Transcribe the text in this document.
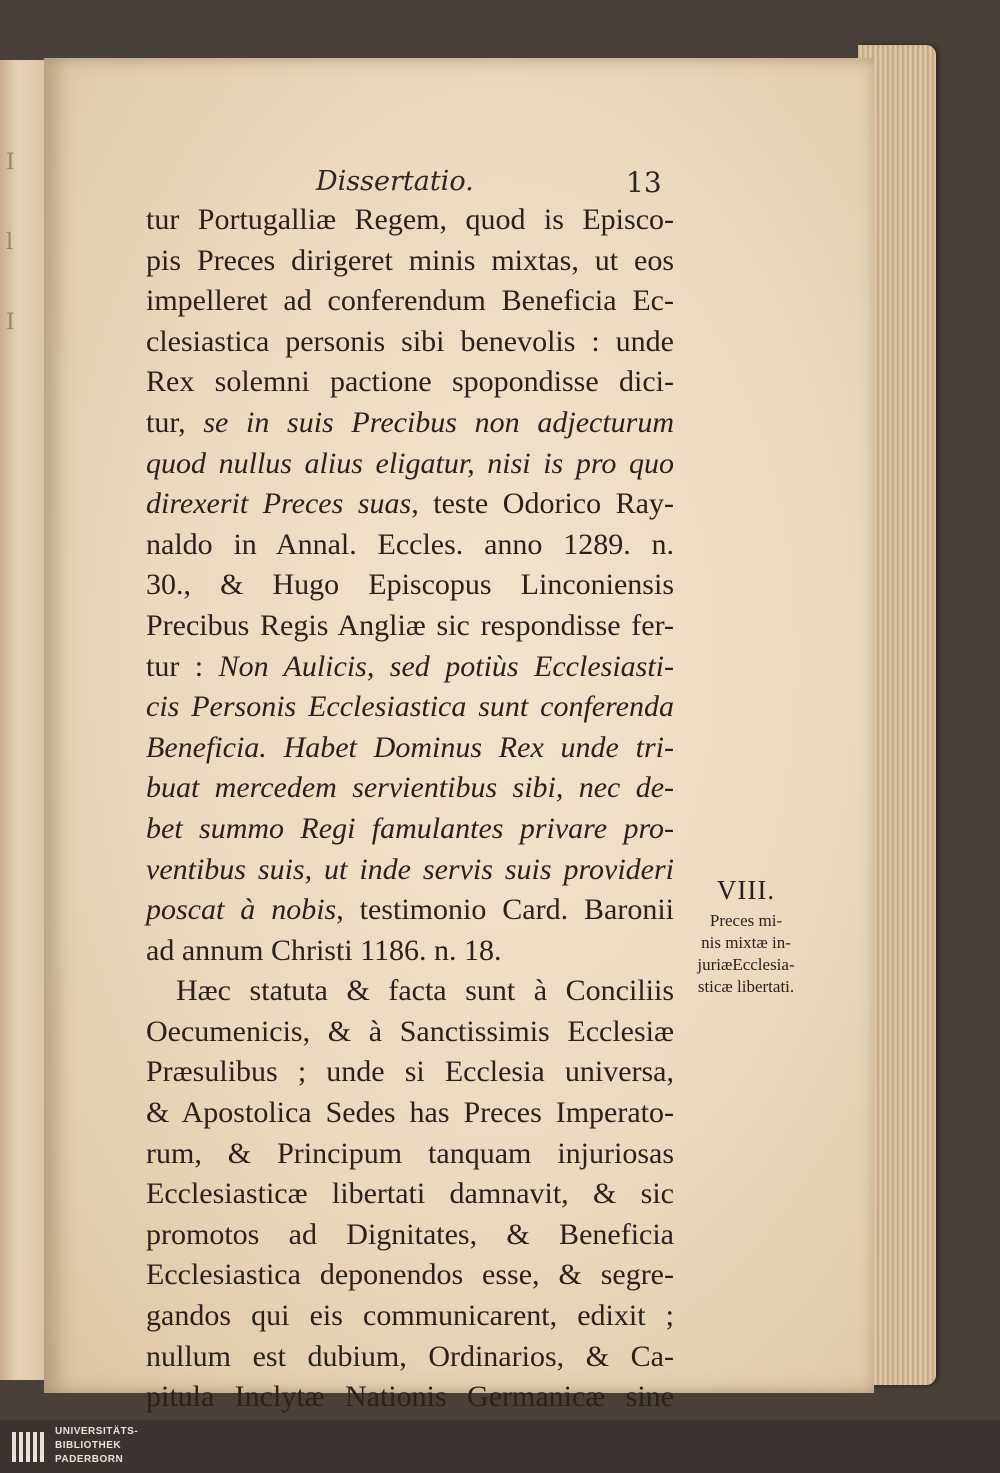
I
l
I
Dissertatio.	13
tur Portugalliæ Regem, quod is Episco-
pis Preces dirigeret minis mixtas, ut eos
impelleret ad conferendum Beneficia Ec-
clesiastica personis sibi benevolis : unde
Rex solemni pactione spopondisse dici-
tur, se in suis Precibus non adjecturum
quod nullus alius eligatur, nisi is pro quo
direxerit Preces suas, teste Odorico Ray-
naldo in Annal. Eccles. anno 1289. n.
30., & Hugo Episcopus Linconiensis
Precibus Regis Angliæ sic respondisse fer-
tur : Non Aulicis, sed potiùs Ecclesiasti-
cis Personis Ecclesiastica sunt conferenda
Beneficia. Habet Dominus Rex unde tri-
buat mercedem servientibus sibi, nec de-
bet summo Regi famulantes privare pro-
ventibus suis, ut inde servis suis provideri
poscat à nobis, testimonio Card. Baronii
ad annum Christi 1186. n. 18.
Hæc statuta & facta sunt à Conciliis
Oecumenicis, & à Sanctissimis Ecclesiæ
Præsulibus ; unde si Ecclesia universa,
& Apostolica Sedes has Preces Imperato-
rum, & Principum tanquam injuriosas
Ecclesiasticæ libertati damnavit, & sic
promotos ad Dignitates, & Beneficia
Ecclesiastica deponendos esse, & segre-
gandos qui eis communicarent, edixit ;
nullum est dubium, Ordinarios, & Ca-
pitula Inclytæ Nationis Germanicæ sine
VIII.
Preces mi-
nis mixtæ in-
juriæEcclesia-
sticæ libertati.
UNIVERSITÄTS-
BIBLIOTHEK
PADERBORN
